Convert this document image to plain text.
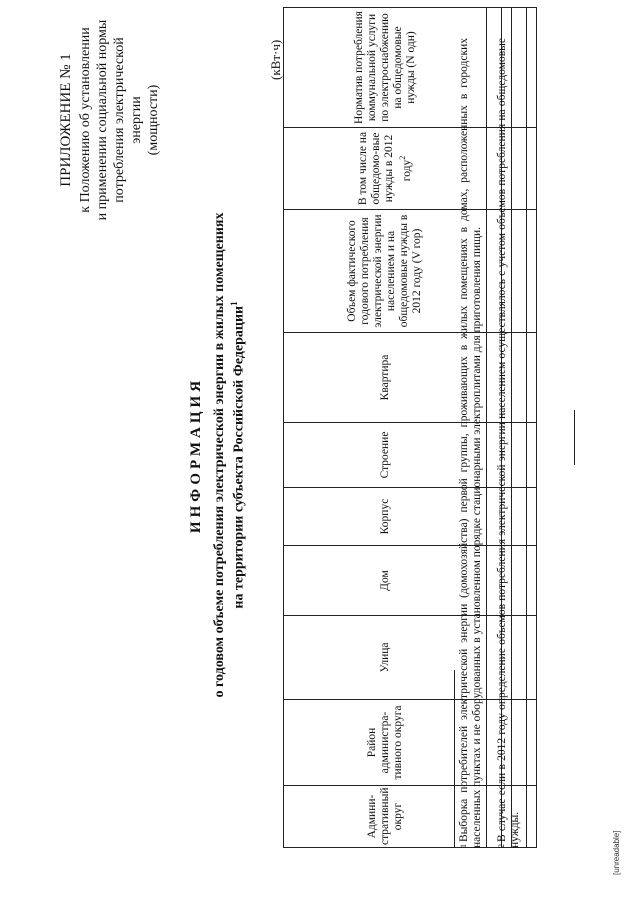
ПРИЛОЖЕНИЕ № 1 к Положению об установлении и применении социальной нормы потребления электрической энергии (мощности)
ИНФОРМАЦИЯ о годовом объеме потребления электрической энергии в жилых помещениях на территории субъекта Российской Федерации$^1$
(кВт·ч)
Админи-стративный округ	Район администра-тивного округа	Улица	Дом	Корпус	Строение	Квартира	Объем фактического годового потребления электрической энергии населением и на общедомовые нужды в 2012 году (V гор)	В том числе на общедомо-вые нужды в 2012 году$^2$	Норматив потребления коммунальной услуги по электроснабжению на общедомовые нужды (N одн)

$^1$Выборка потребителей электрической энергии (домохозяйства) первой группы, проживающих в жилых помещениях в домах, расположенных в городских населенных пунктах и не оборудованных в установленном порядке стационарными электроплитами для приготовления пищи. $^2$В случае если в 2012 году определение объемов потребления электрической энергии населением осуществлялось с учетом объемов потребления на общедомовые нужды.
[unreadable]
